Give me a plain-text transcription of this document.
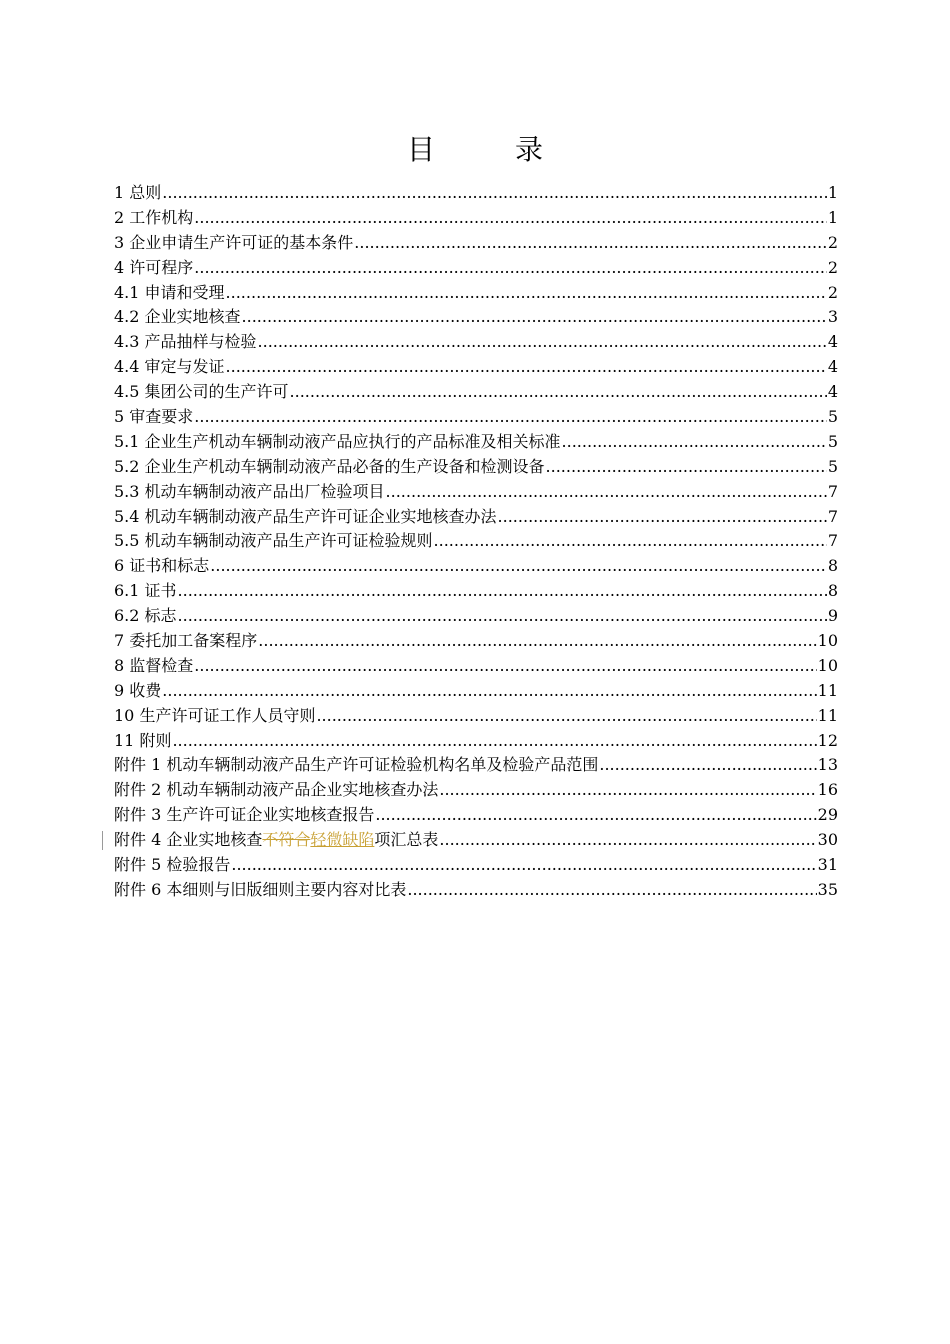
目　录
1 总则 .....	1
2 工作机构 .....	1
3 企业申请生产许可证的基本条件 .....	2
4 许可程序 .....	2
4.1 申请和受理 .....	2
4.2 企业实地核查 .....	3
4.3 产品抽样与检验 .....	4
4.4 审定与发证 .....	4
4.5 集团公司的生产许可 .....	4
5 审查要求 .....	5
5.1 企业生产机动车辆制动液产品应执行的产品标准及相关标准 .....	5
5.2 企业生产机动车辆制动液产品必备的生产设备和检测设备 .....	5
5.3 机动车辆制动液产品出厂检验项目 .....	7
5.4 机动车辆制动液产品生产许可证企业实地核查办法 .....	7
5.5 机动车辆制动液产品生产许可证检验规则 .....	7
6 证书和标志 .....	8
6.1 证书 .....	8
6.2 标志 .....	9
7 委托加工备案程序 .....	10
8 监督检查 .....	10
9 收费 .....	11
10 生产许可证工作人员守则 .....	11
11 附则 .....	12
附件 1 机动车辆制动液产品生产许可证检验机构名单及检验产品范围 .....	13
附件 2 机动车辆制动液产品企业实地核查办法 .....	16
附件 3 生产许可证企业实地核查报告 .....	29
附件 4 企业实地核查不符合轻微缺陷项汇总表 .....	30
附件 5 检验报告 .....	31
附件 6 本细则与旧版细则主要内容对比表 .....	35
